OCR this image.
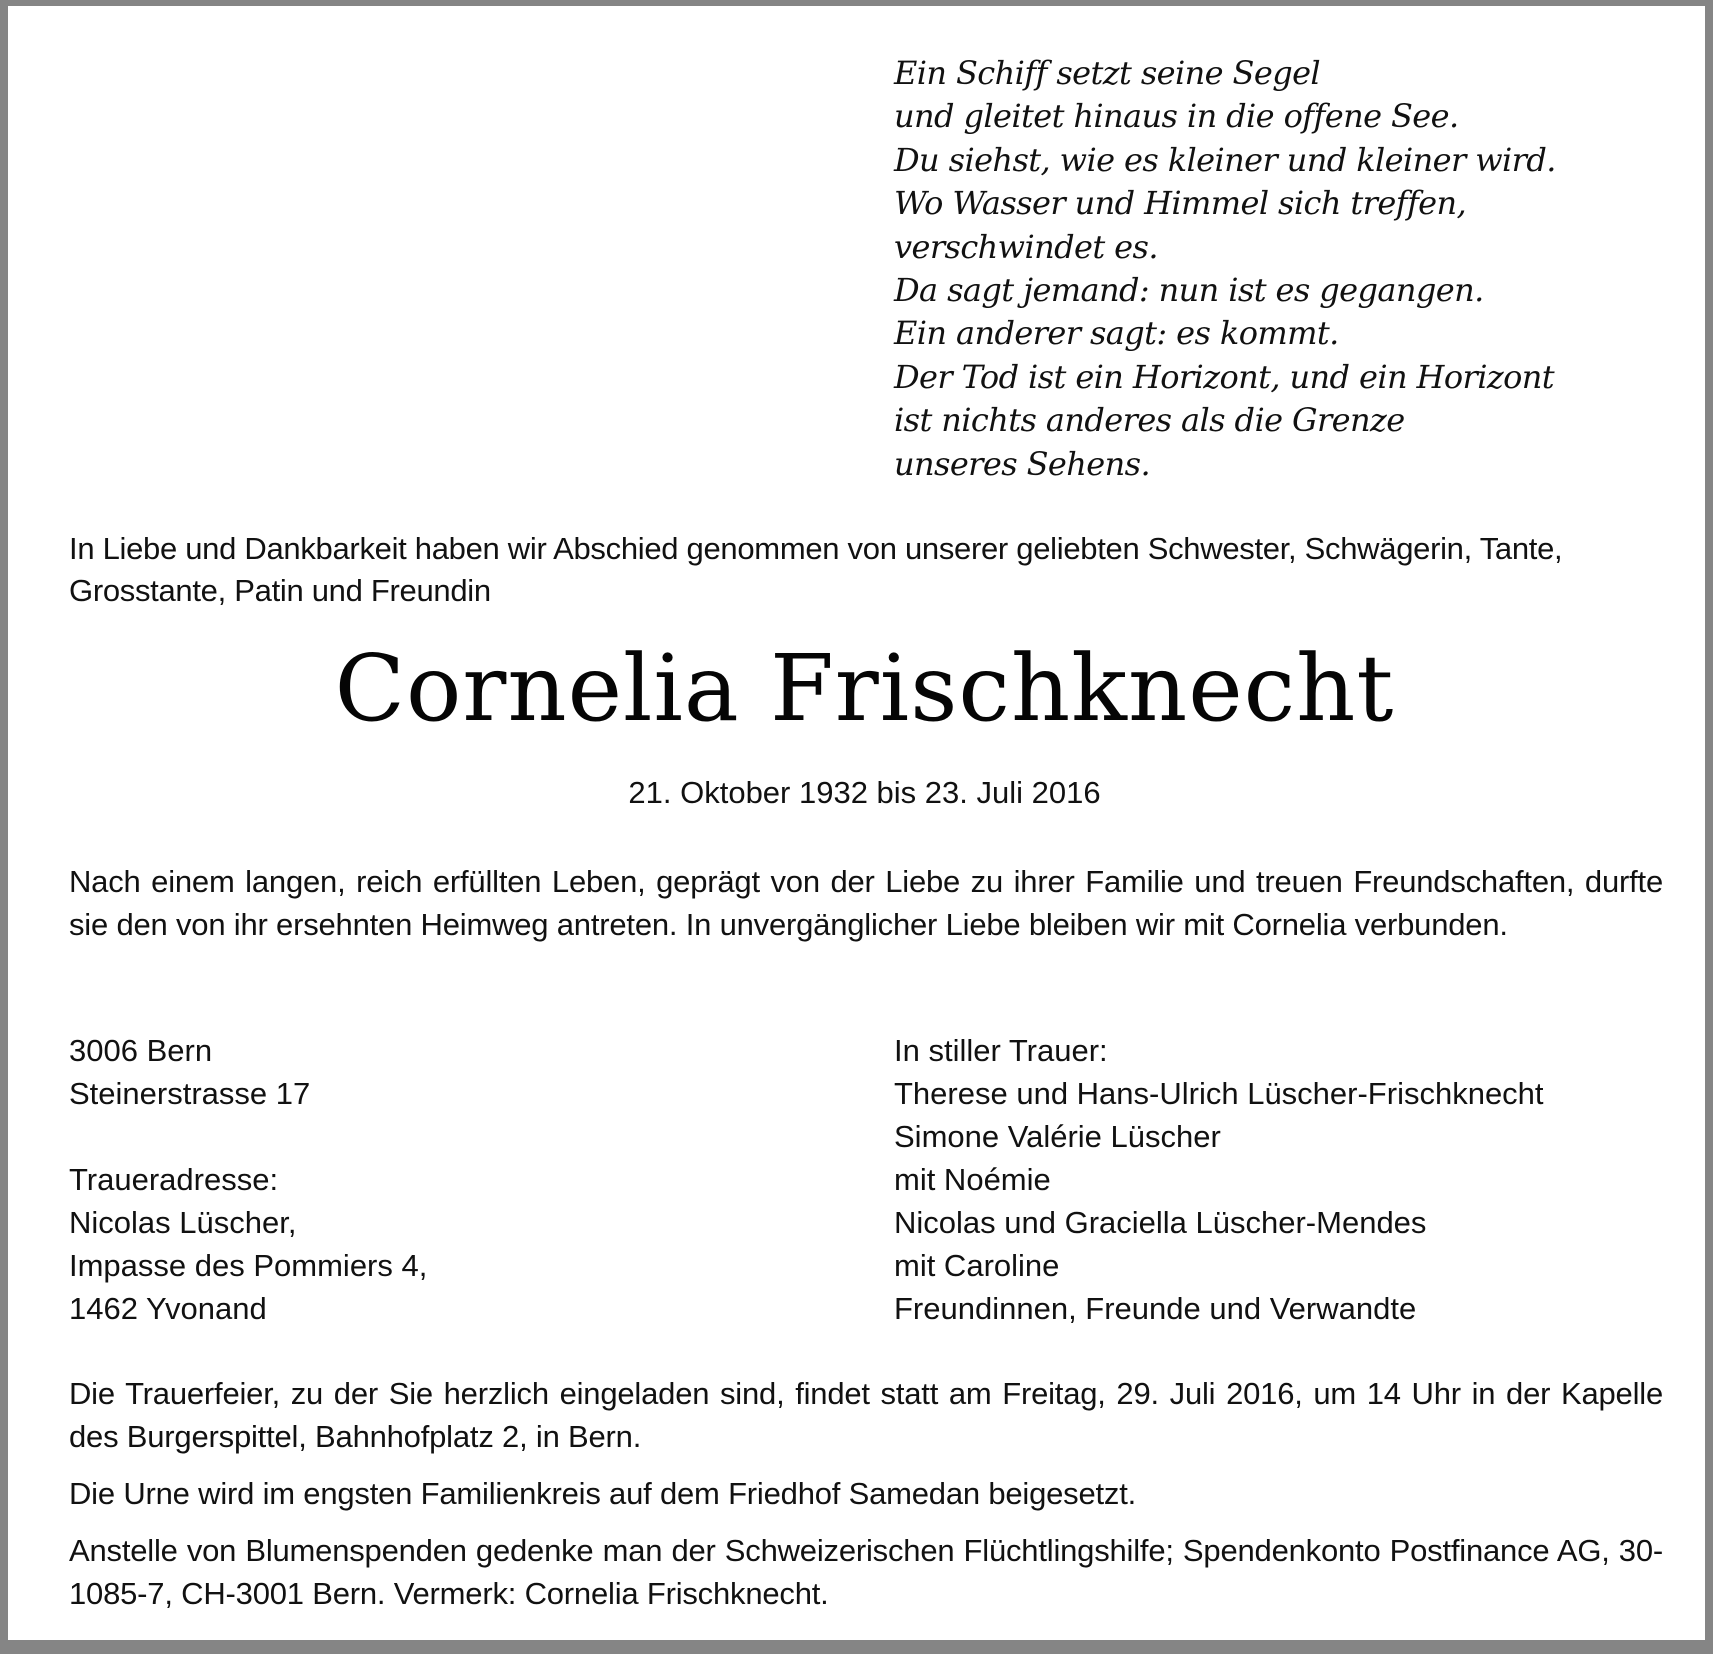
Ein Schiff setzt seine Segel
und gleitet hinaus in die offene See.
Du siehst, wie es kleiner und kleiner wird.
Wo Wasser und Himmel sich treffen,
verschwindet es.
Da sagt jemand: nun ist es gegangen.
Ein anderer sagt: es kommt.
Der Tod ist ein Horizont, und ein Horizont
ist nichts anderes als die Grenze
unseres Sehens.
In Liebe und Dankbarkeit haben wir Abschied genommen von unserer geliebten Schwester, Schwägerin, Tante, Grosstante, Patin und Freundin
Cornelia Frischknecht
21. Oktober 1932 bis 23. Juli 2016
Nach einem langen, reich erfüllten Leben, geprägt von der Liebe zu ihrer Familie und treuen Freundschaften, durfte sie den von ihr ersehnten Heimweg antreten. In unvergänglicher Liebe bleiben wir mit Cornelia verbunden.
3006 Bern
Steinerstrasse 17
Traueradresse:
Nicolas Lüscher,
Impasse des Pommiers 4,
1462 Yvonand
In stiller Trauer:
Therese und Hans-Ulrich Lüscher-Frischknecht
Simone Valérie Lüscher
mit Noémie
Nicolas und Graciella Lüscher-Mendes
mit Caroline
Freundinnen, Freunde und Verwandte
Die Trauerfeier, zu der Sie herzlich eingeladen sind, findet statt am Freitag, 29. Juli 2016, um 14 Uhr in der Kapelle des Burgerspittel, Bahnhofplatz 2, in Bern.
Die Urne wird im engsten Familienkreis auf dem Friedhof Samedan beigesetzt.
Anstelle von Blumenspenden gedenke man der Schweizerischen Flüchtlingshilfe; Spendenkonto Postfinance AG, 30-1085-7, CH-3001 Bern. Vermerk: Cornelia Frischknecht.
